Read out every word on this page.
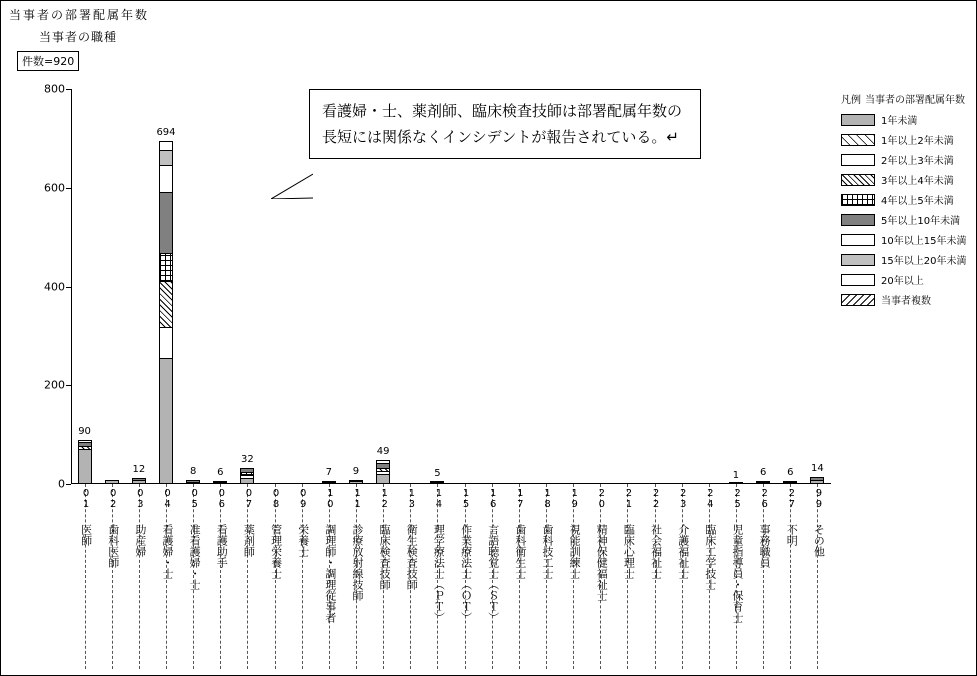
当事者の部署配属年数
当事者の職種
件数=920
0
200
400
600
800
90
12
694
8 6
32
7 9
49
5	1 6 6 14
01
医師
02
歯科医師
03
助産婦
04
看護婦・士
05
准看護婦・士
06
看護助手
07
薬剤師
08
管理栄養士
09
栄養士
10
調理師・調理従事者
11
診療放射線技師
12
臨床検査技師
13
衛生検査技師
14
理学療法士（ＰＴ）
15
作業療法士（ＯＴ）
16
言語聴覚士（ＳＴ）
17
歯科衛生士
18
歯科技工士
19
視能訓練士
20
精神保健福祉士
21
臨床心理士
22
社会福祉士
23
介護福祉士
24
臨床工学技士
25
児童指導員・保育士
26
事務職員
27
不明
99
その他
看護婦・士、薬剤師、臨床検査技師は部署配属年数の長短には関係なくインシデントが報告されている。↵
凡例 当事者の部署配属年数
1年未満
1年以上2年未満
2年以上3年未満
3年以上4年未満
4年以上5年未満
5年以上10年未満
10年以上15年未満
15年以上20年未満
20年以上
当事者複数
